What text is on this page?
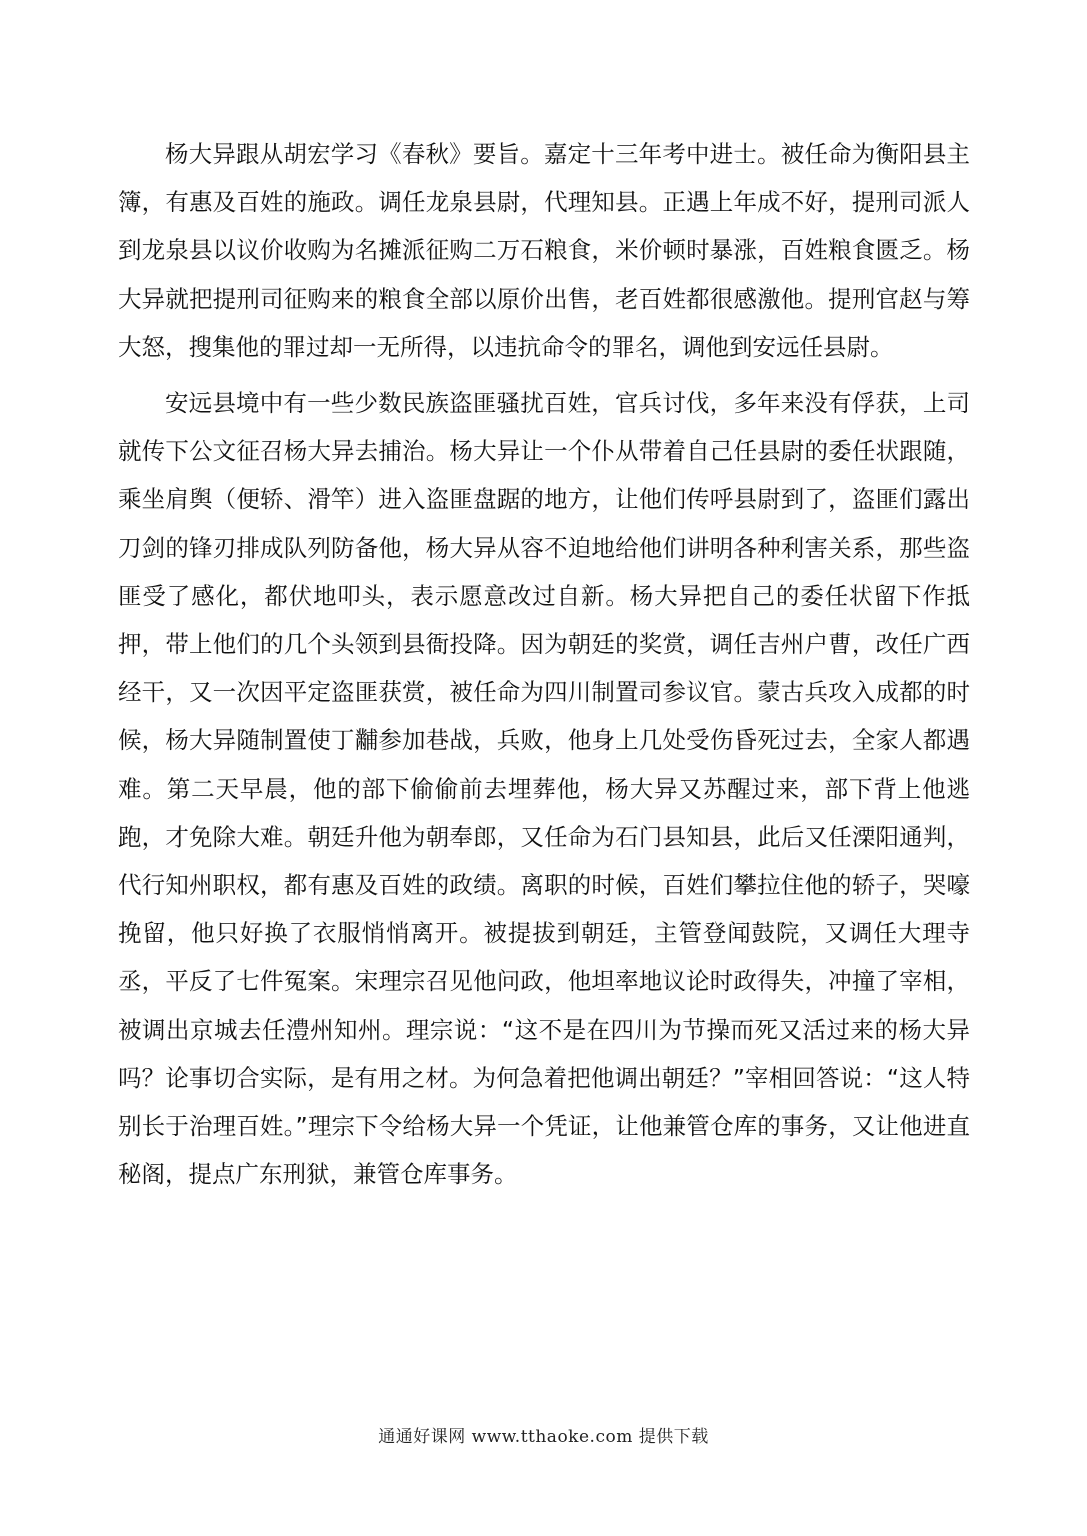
杨大异跟从胡宏学习《春秋》要旨。嘉定十三年考中进士。被任命为衡阳县主簿，有惠及百姓的施政。调任龙泉县尉，代理知县。正遇上年成不好，提刑司派人到龙泉县以议价收购为名摊派征购二万石粮食，米价顿时暴涨，百姓粮食匮乏。杨大异就把提刑司征购来的粮食全部以原价出售，老百姓都很感激他。提刑官赵与筹大怒，搜集他的罪过却一无所得，以违抗命令的罪名，调他到安远任县尉。

安远县境中有一些少数民族盗匪骚扰百姓，官兵讨伐，多年来没有俘获，上司就传下公文征召杨大异去捕治。杨大异让一个仆从带着自己任县尉的委任状跟随，乘坐肩舆（便轿、滑竿）进入盗匪盘踞的地方，让他们传呼县尉到了，盗匪们露出刀剑的锋刃排成队列防备他，杨大异从容不迫地给他们讲明各种利害关系，那些盗匪受了感化，都伏地叩头，表示愿意改过自新。杨大异把自己的委任状留下作抵押，带上他们的几个头领到县衙投降。因为朝廷的奖赏，调任吉州户曹，改任广西经干，又一次因平定盗匪获赏，被任命为四川制置司参议官。蒙古兵攻入成都的时候，杨大异随制置使丁黼参加巷战，兵败，他身上几处受伤昏死过去，全家人都遇难。第二天早晨，他的部下偷偷前去埋葬他，杨大异又苏醒过来，部下背上他逃跑，才免除大难。朝廷升他为朝奉郎，又任命为石门县知县，此后又任溧阳通判，代行知州职权，都有惠及百姓的政绩。离职的时候，百姓们攀拉住他的轿子，哭嚎挽留，他只好换了衣服悄悄离开。被提拔到朝廷，主管登闻鼓院，又调任大理寺丞，平反了七件冤案。宋理宗召见他问政，他坦率地议论时政得失，冲撞了宰相，被调出京城去任澧州知州。理宗说：“这不是在四川为节操而死又活过来的杨大异吗？论事切合实际，是有用之材。为何急着把他调出朝廷？”宰相回答说：“这人特别长于治理百姓。”理宗下令给杨大异一个凭证，让他兼管仓库的事务，又让他进直秘阁，提点广东刑狱，兼管仓库事务。

通通好课网 www.tthaoke.com 提供下载
